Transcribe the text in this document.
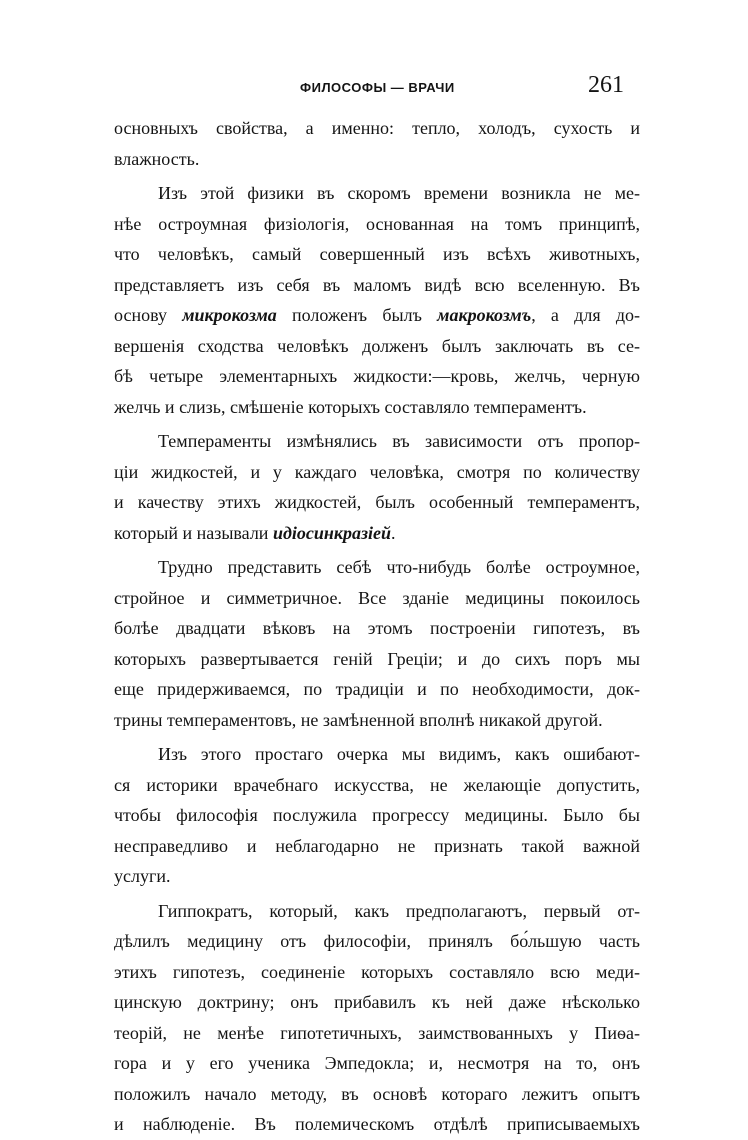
ФИЛОСОФЫ — ВРАЧИ	261

основныхъ свойства, а именно: тепло, холодъ, сухость и
влажность.

Изъ этой физики въ скоромъ времени возникла не ме-
нѣе остроумная физіологія, основанная на томъ принципѣ,
что человѣкъ, самый совершенный изъ всѣхъ животныхъ,
представляетъ изъ себя въ маломъ видѣ всю вселенную. Въ
основу микрокозма положенъ былъ макрокозмъ, а для до-
вершенія сходства человѣкъ долженъ былъ заключать въ се-
бѣ четыре элементарныхъ жидкости:—кровь, желчь, черную
желчь и слизь, смѣшеніе которыхъ составляло темпераментъ.

Темпераменты измѣнялись въ зависимости отъ пропор-
ціи жидкостей, и у каждаго человѣка, смотря по количеству
и качеству этихъ жидкостей, былъ особенный темпераментъ,
который и называли идіосинкразіей.

Трудно представить себѣ что-нибудь болѣе остроумное,
стройное и симметричное. Все зданіе медицины покоилось
болѣе двадцати вѣковъ на этомъ построеніи гипотезъ, въ
которыхъ развертывается геній Греціи; и до сихъ поръ мы
еще придерживаемся, по традиціи и по необходимости, док-
трины темпераментовъ, не замѣненной вполнѣ никакой другой.

Изъ этого простаго очерка мы видимъ, какъ ошибают-
ся историки врачебнаго искусства, не желающіе допустить,
чтобы философія послужила прогрессу медицины. Было бы
несправедливо и неблагодарно не признать такой важной
услуги.

Гиппократъ, который, какъ предполагаютъ, первый от-
дѣлилъ медицину отъ философіи, принялъ бо́льшую часть
этихъ гипотезъ, соединеніе которыхъ составляло всю меди-
цинскую доктрину; онъ прибавилъ къ ней даже нѣсколько
теорій, не менѣе гипотетичныхъ, заимствованныхъ у Пиѳа-
гора и у его ученика Эмпедокла; и, несмотря на то, онъ
положилъ начало методу, въ основѣ котораго лежитъ опытъ
и наблюденіе. Въ полемическомъ отдѣлѣ приписываемыхъ
